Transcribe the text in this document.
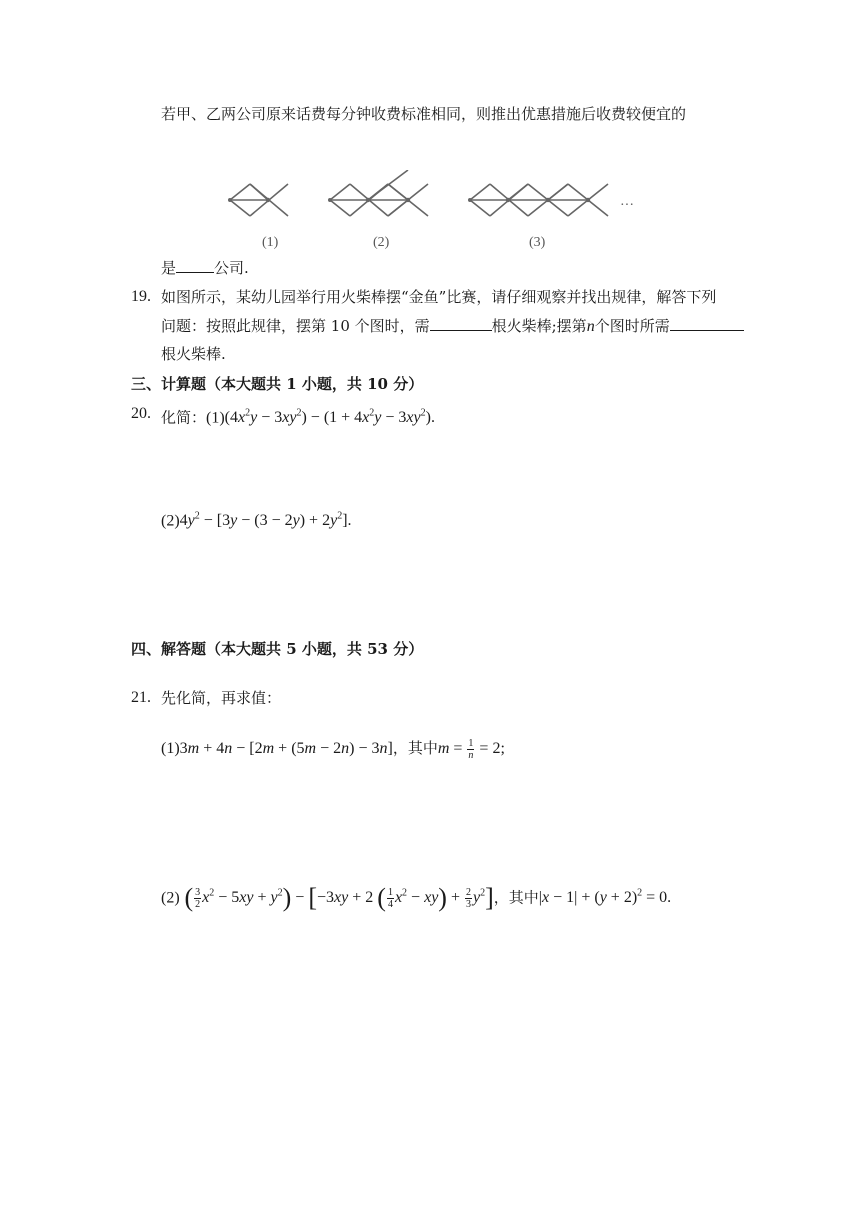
若甲、乙两公司原来话费每分钟收费标准相同，则推出优惠措施后收费较便宜的
(1)	(2)	(3)
···
是	公司.
19. 如图所示，某幼儿园举行用火柴棒摆“金鱼”比赛，请仔细观察并找出规律，解答下列
问题：按照此规律，摆第 10 个图时，需	根火柴棒;摆第n个图时所需
根火柴棒.
三、计算题（本大题共 1 小题，共 10 分）
20. 化简：$(1)(4x^2y - 3xy^2) - (1 + 4x^2y - 3xy^2)$.
$(2)4y^2 - [3y - (3 - 2y) + 2y^2]$.
四、解答题（本大题共 5 小题，共 53 分）
21. 先化简，再求值：
(1)3m + 4n − [2m + (5m − 2n) − 3n]，其中$m = \frac{1}{n} = 2$;
(2) ( $\frac{3}{2} x^2 - 5xy + y^2) - [-3xy + 2$ ( $\frac{1}{4} x^2 - xy) + \frac{2}{3} y^2$]，其中$|x - 1| + (y + 2)^2 = 0$.
